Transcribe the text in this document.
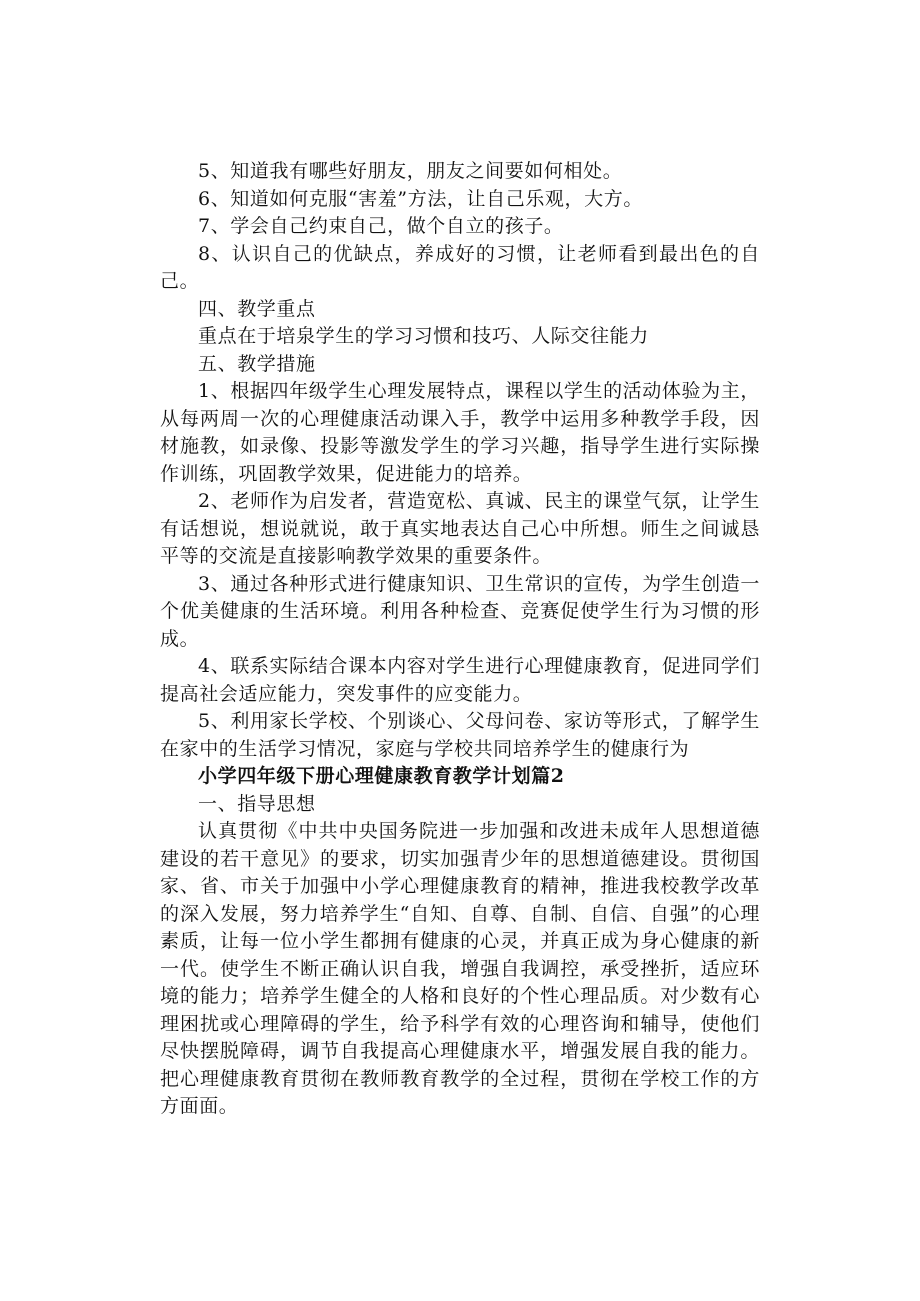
5、知道我有哪些好朋友，朋友之间要如何相处。

6、知道如何克服“害羞”方法，让自己乐观，大方。

7、学会自己约束自己，做个自立的孩子。

8、认识自己的优缺点，养成好的习惯，让老师看到最出色的自己。

四、教学重点

重点在于培泉学生的学习习惯和技巧、人际交往能力

五、教学措施

1、根据四年级学生心理发展特点，课程以学生的活动体验为主，从每两周一次的心理健康活动课入手，教学中运用多种教学手段，因材施教，如录像、投影等激发学生的学习兴趣，指导学生进行实际操作训练，巩固教学效果，促进能力的培养。

2、老师作为启发者，营造宽松、真诚、民主的课堂气氛，让学生有话想说，想说就说，敢于真实地表达自己心中所想。师生之间诚恳平等的交流是直接影响教学效果的重要条件。

3、通过各种形式进行健康知识、卫生常识的宣传，为学生创造一个优美健康的生活环境。利用各种检查、竞赛促使学生行为习惯的形成。

4、联系实际结合课本内容对学生进行心理健康教育，促进同学们提高社会适应能力，突发事件的应变能力。

5、利用家长学校、个别谈心、父母问卷、家访等形式，了解学生在家中的生活学习情况，家庭与学校共同培养学生的健康行为

小学四年级下册心理健康教育教学计划篇2

一、指导思想

认真贯彻《中共中央国务院进一步加强和改进未成年人思想道德建设的若干意见》的要求，切实加强青少年的思想道德建设。贯彻国家、省、市关于加强中小学心理健康教育的精神，推进我校教学改革的深入发展，努力培养学生“自知、自尊、自制、自信、自强”的心理素质，让每一位小学生都拥有健康的心灵，并真正成为身心健康的新一代。使学生不断正确认识自我，增强自我调控，承受挫折，适应环境的能力；培养学生健全的人格和良好的个性心理品质。对少数有心理困扰或心理障碍的学生，给予科学有效的心理咨询和辅导，使他们尽快摆脱障碍，调节自我提高心理健康水平，增强发展自我的能力。把心理健康教育贯彻在教师教育教学的全过程，贯彻在学校工作的方方面面。
